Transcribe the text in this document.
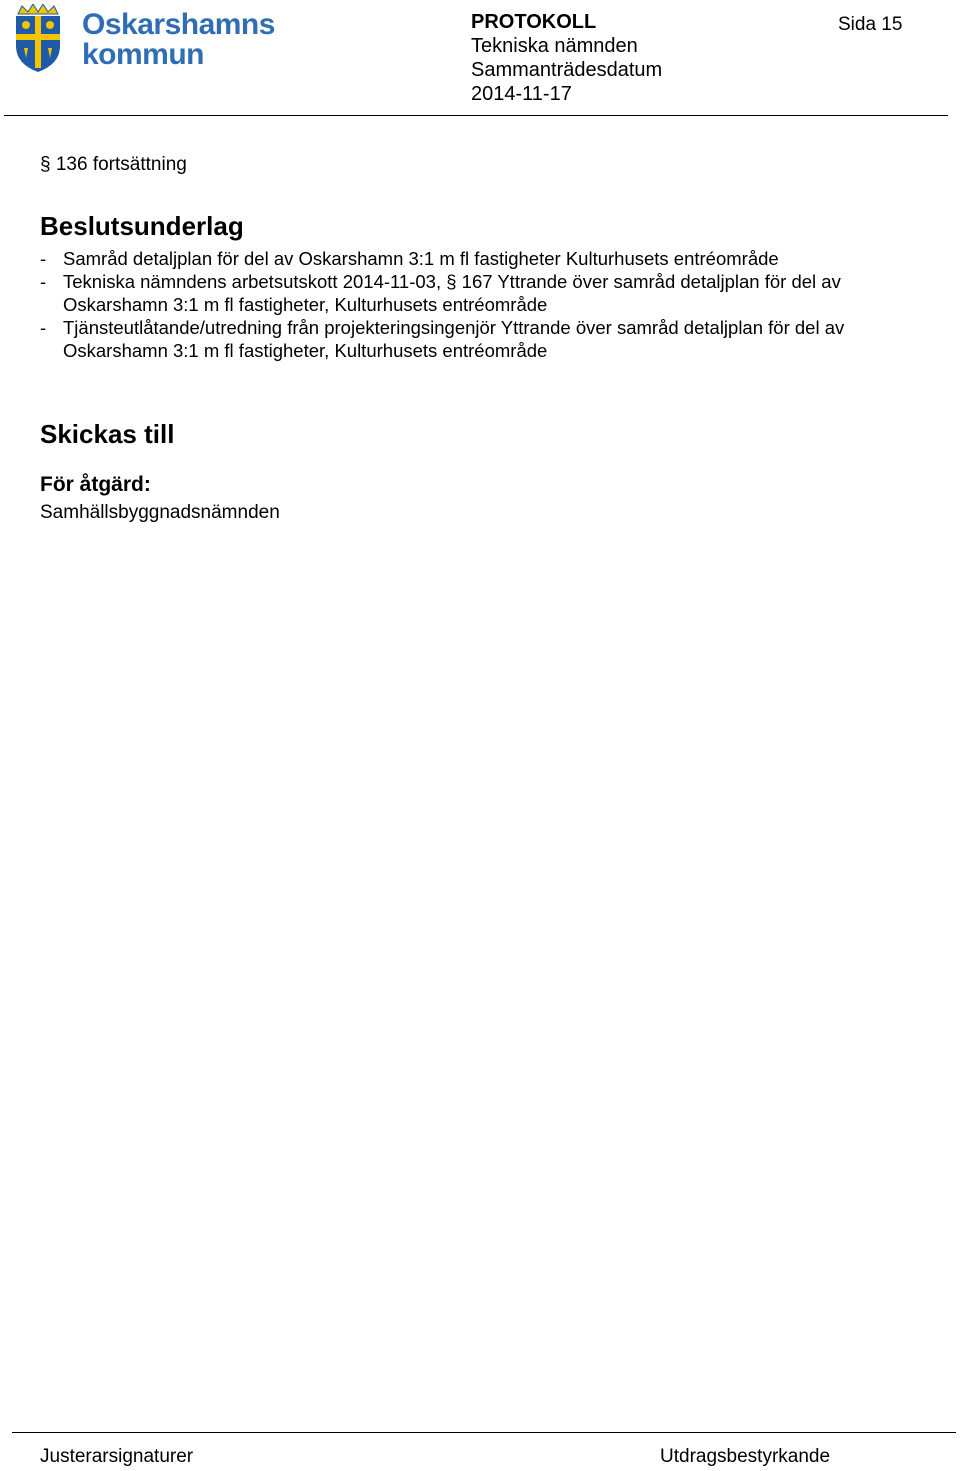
Oskarshamns
kommun
PROTOKOLL
Tekniska nämnden
Sammanträdesdatum
2014-11-17
Sida 15
§ 136 fortsättning
Beslutsunderlag
- Samråd detaljplan för del av Oskarshamn 3:1 m fl fastigheter Kulturhusets entréområde
- Tekniska nämndens arbetsutskott 2014-11-03, § 167 Yttrande över samråd detaljplan för del av Oskarshamn 3:1 m fl fastigheter, Kulturhusets entréområde
- Tjänsteutlåtande/utredning från projekteringsingenjör Yttrande över samråd detaljplan för del av Oskarshamn 3:1 m fl fastigheter, Kulturhusets entréområde
Skickas till
För åtgärd:
Samhällsbyggnadsnämnden
Justerarsignaturer	Utdragsbestyrkande
